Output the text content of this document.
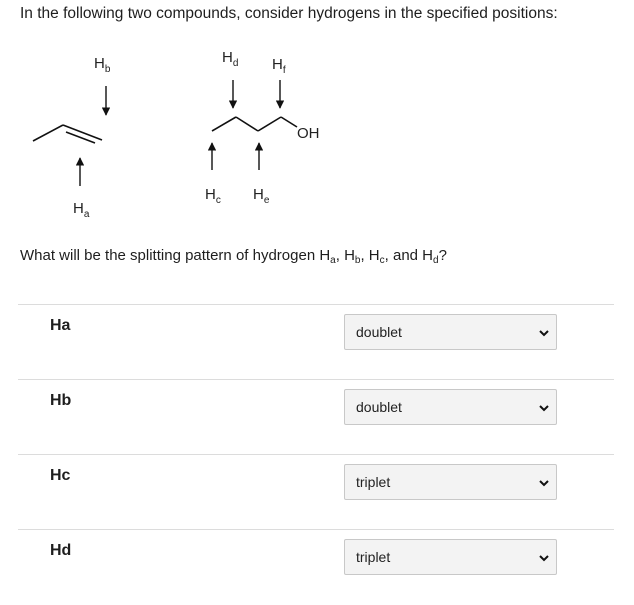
In the following two compounds, consider hydrogens in the specified positions:
$H_b$
$H_a$
OH
$H_d$ $H_f$
$H_c$ $H_e$
What will be the splitting pattern of hydrogen $H_a$, $H_b$, $H_c$, and $H_d$?
Ha	doublet
Hb	doublet
Hc	triplet
Hd	triplet
